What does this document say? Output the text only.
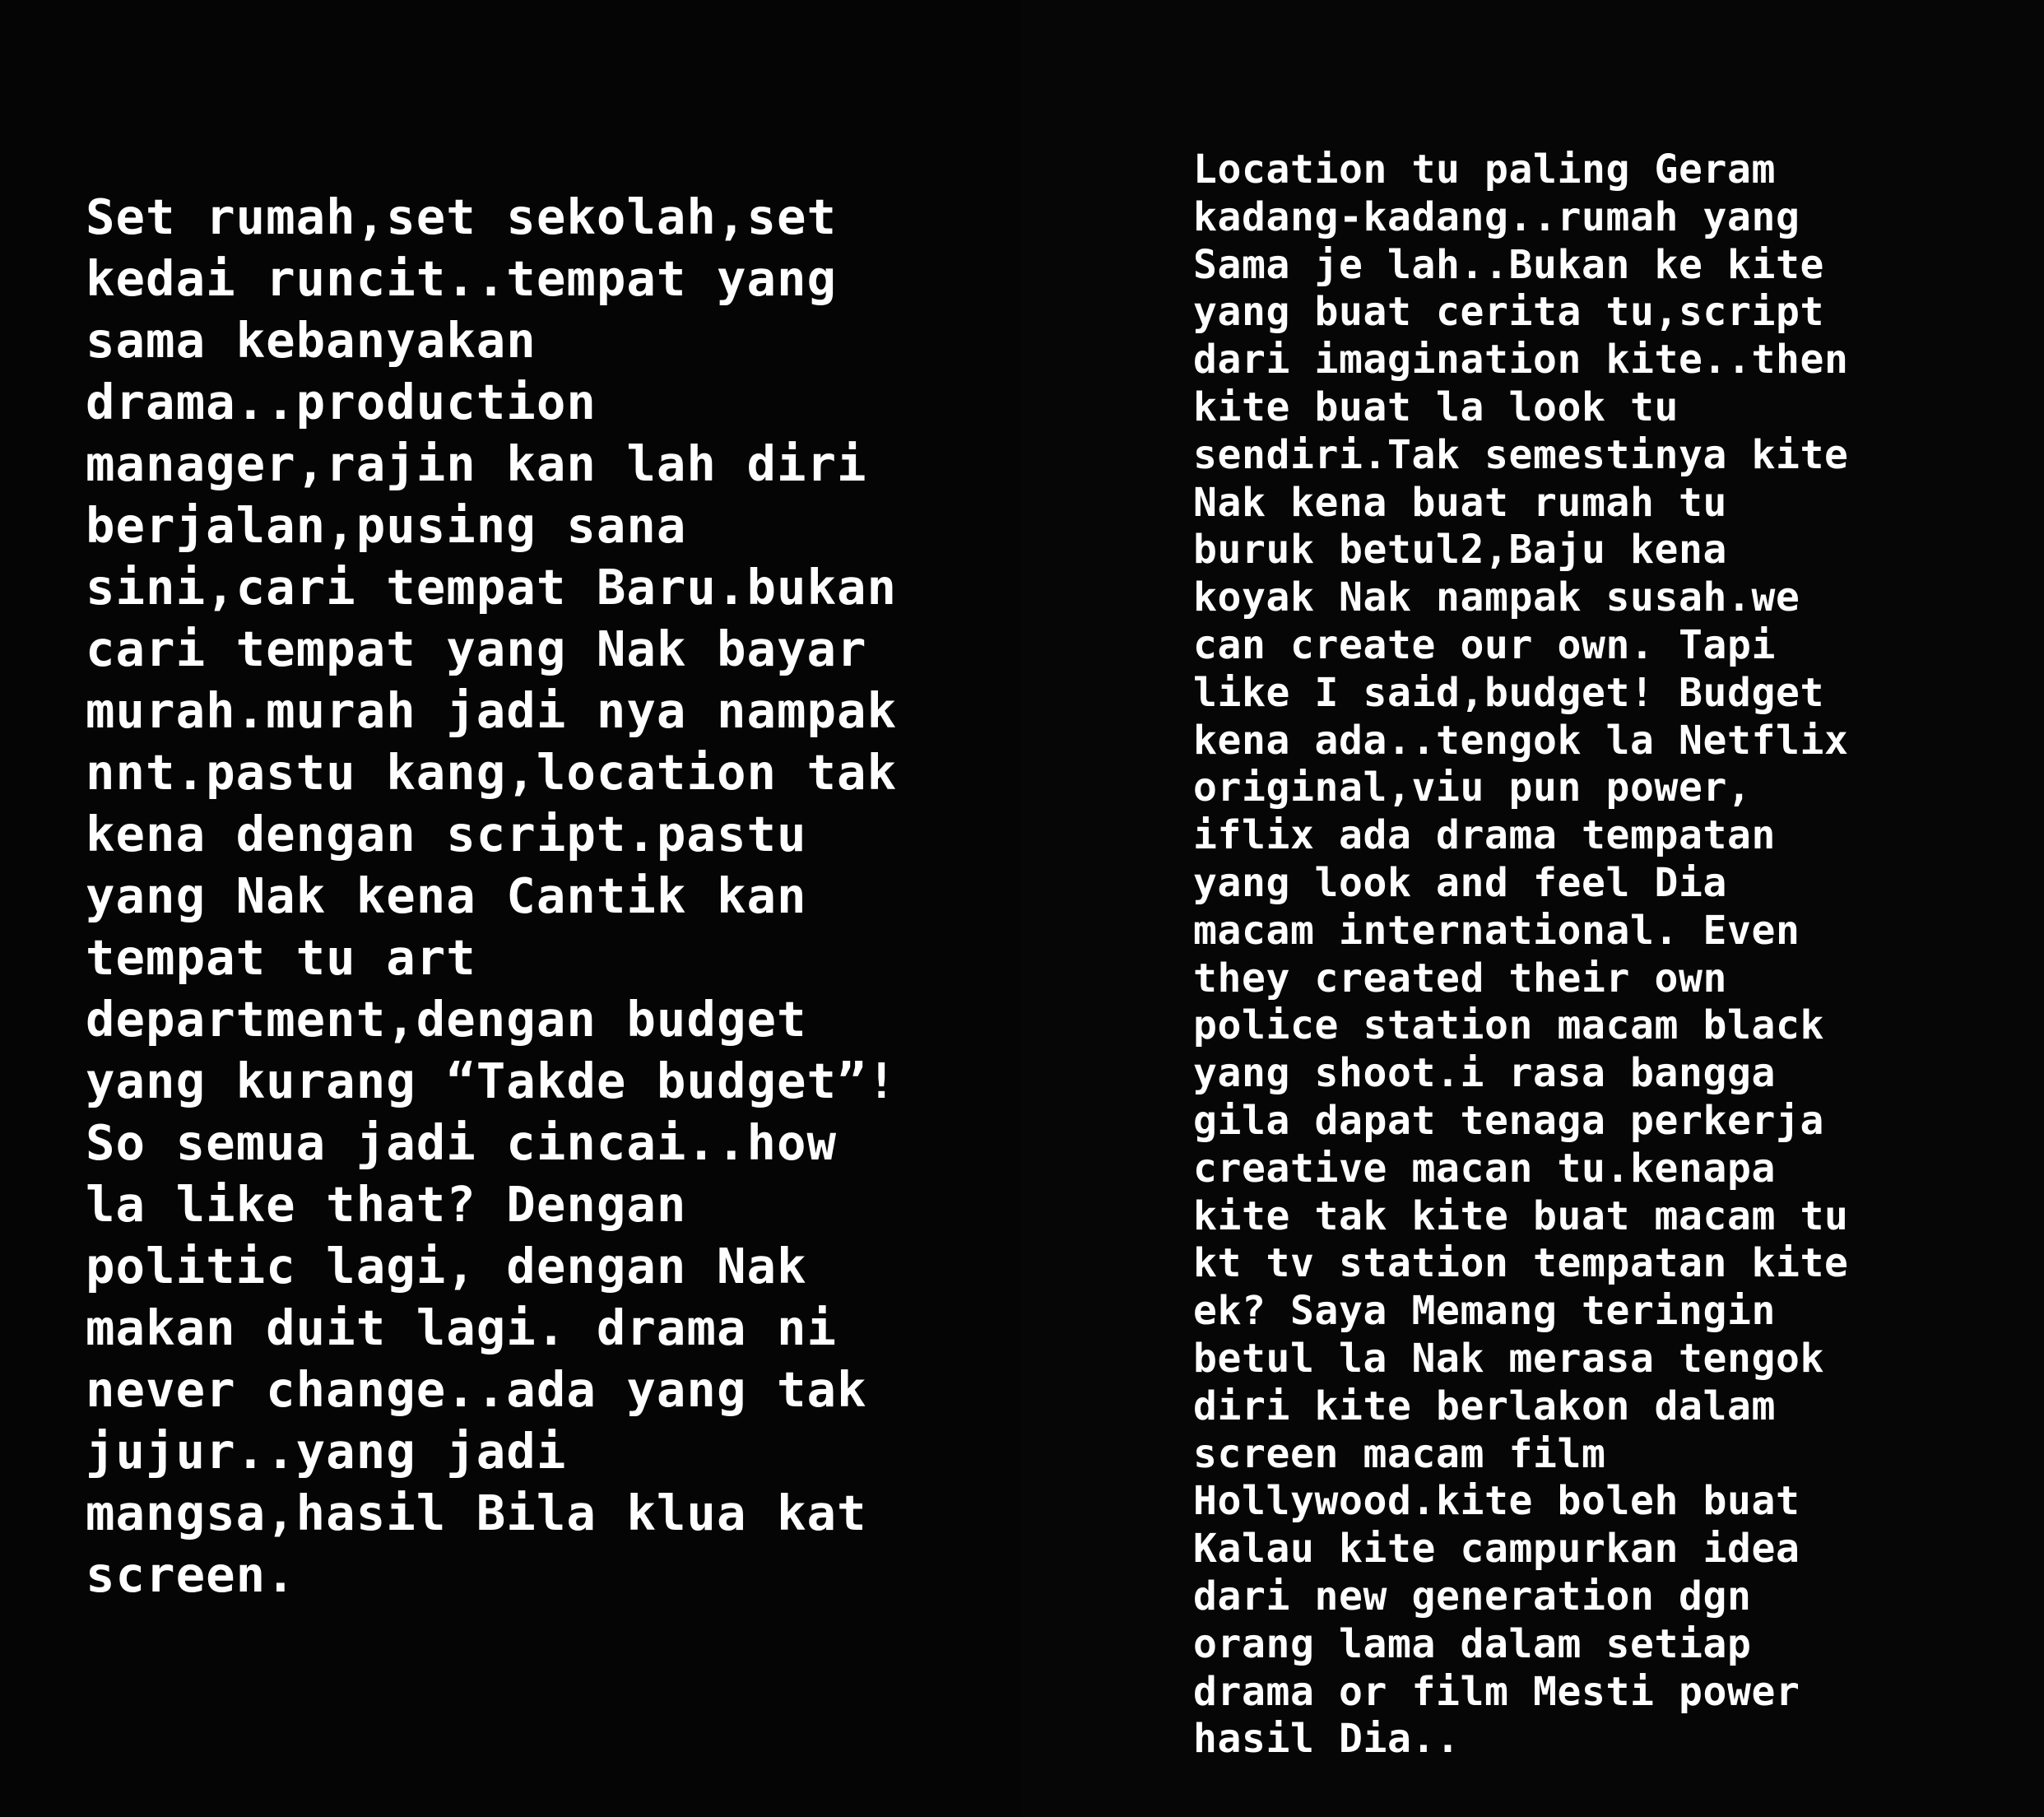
Set rumah,set sekolah,set
kedai runcit..tempat yang
sama kebanyakan
drama..production
manager,rajin kan lah diri
berjalan,pusing sana
sini,cari tempat Baru.bukan
cari tempat yang Nak bayar
murah.murah jadi nya nampak
nnt.pastu kang,location tak
kena dengan script.pastu
yang Nak kena Cantik kan
tempat tu art
department,dengan budget
yang kurang “Takde budget”!
So semua jadi cincai..how
la like that? Dengan
politic lagi, dengan Nak
makan duit lagi. drama ni
never change..ada yang tak
jujur..yang jadi
mangsa,hasil Bila klua kat
screen.

Location tu paling Geram
kadang-kadang..rumah yang
Sama je lah..Bukan ke kite
yang buat cerita tu,script
dari imagination kite..then
kite buat la look tu
sendiri.Tak semestinya kite
Nak kena buat rumah tu
buruk betul2,Baju kena
koyak Nak nampak susah.we
can create our own. Tapi
like I said,budget! Budget
kena ada..tengok la Netflix
original,viu pun power,
iflix ada drama tempatan
yang look and feel Dia
macam international. Even
they created their own
police station macam black
yang shoot.i rasa bangga
gila dapat tenaga perkerja
creative macan tu.kenapa
kite tak kite buat macam tu
kt tv station tempatan kite
ek? Saya Memang teringin
betul la Nak merasa tengok
diri kite berlakon dalam
screen macam film
Hollywood.kite boleh buat
Kalau kite campurkan idea
dari new generation dgn
orang lama dalam setiap
drama or film Mesti power
hasil Dia..
